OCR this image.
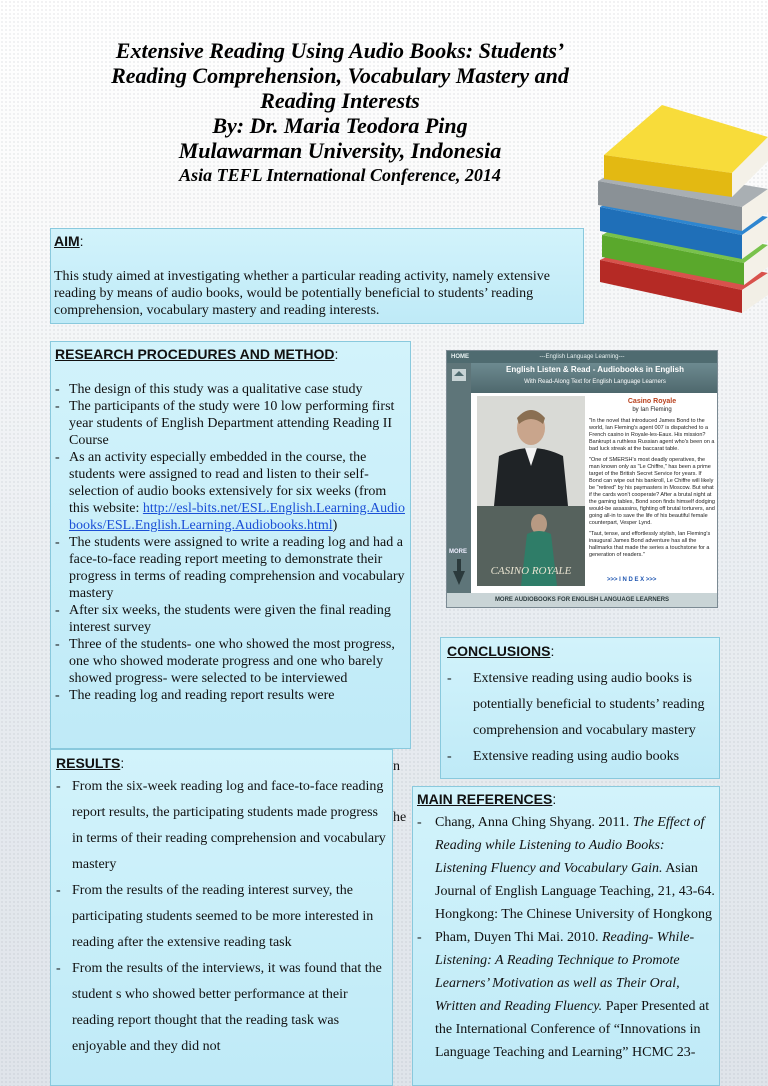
Extensive Reading Using Audio Books: Students’

Reading Comprehension, Vocabulary Mastery and

Reading Interests

By: Dr. Maria Teodora Ping

Mulawarman University, Indonesia

Asia TEFL International Conference, 2014

AIM:

This study aimed at investigating whether a particular reading activity, namely extensive reading by means of audio books, would be potentially beneficial to students’ reading comprehension, vocabulary mastery and reading interests.

RESEARCH PROCEDURES AND METHOD:
- The design of this study was a qualitative case study
- The participants of the study were 10 low performing first year students of English Department attending Reading II Course
- As an activity especially embedded in the course, the students were assigned to read and listen to their self-selection of audio books extensively for six weeks (from this website: http://esl-bits.net/ESL.English.Learning.Audiobooks/ESL.English.Learning.Audiobooks.html)
- The students were assigned to write a reading log and had a face-to-face reading report meeting to demonstrate their progress in terms of reading comprehension and vocabulary mastery
- After six weeks, the students were given the final reading interest survey
- Three of the students- one who showed the most progress, one who showed moderate progress and one who barely showed progress- were selected to be interviewed
- The reading log and reading report results were
n
he
---English Language Learning---
HOME
MORE
English Listen & Read - Audiobooks in English
With Read-Along Text for English Language Learners
CASINO ROYALE
Casino Royale
by Ian Fleming

"In the novel that introduced James Bond to the world, Ian Fleming's agent 007 is dispatched to a French casino in Royale-les-Eaux. His mission? Bankrupt a ruthless Russian agent who's been on a bad luck streak at the baccarat table.

"One of SMERSH's most deadly operatives, the man known only as "Le Chiffre," has been a prime target of the British Secret Service for years. If Bond can wipe out his bankroll, Le Chiffre will likely be "retired" by his paymasters in Moscow. But what if the cards won't cooperate? After a brutal night at the gaming tables, Bond soon finds himself dodging would-be assassins, fighting off brutal torturers, and going all-in to save the life of his beautiful female counterpart, Vesper Lynd.

"Taut, tense, and effortlessly stylish, Ian Fleming's inaugural James Bond adventure has all the hallmarks that made the series a touchstone for a generation of readers."

>>> I N D E X >>>
MORE AUDIOBOOKS FOR ENGLISH LANGUAGE LEARNERS
CONCLUSIONS:
- Extensive reading using audio books is potentially beneficial to students’ reading comprehension and vocabulary mastery
- Extensive reading using audio books
RESULTS:
- From the six-week reading log and face-to-face reading report results, the participating students made progress in terms of their reading comprehension and vocabulary mastery
- From the results of the reading interest survey, the participating students seemed to be more interested in reading after the extensive reading task
- From the results of the interviews, it was found that the student s who showed better performance at their reading report thought that the reading task was enjoyable and they did not
MAIN REFERENCES:
- Chang, Anna Ching Shyang. 2011. The Effect of Reading while Listening to Audio Books: Listening Fluency and Vocabulary Gain. Asian Journal of English Language Teaching, 21, 43-64. Hongkong: The Chinese University of Hongkong
- Pham, Duyen Thi Mai. 2010. Reading- While-Listening: A Reading Technique to Promote Learners’ Motivation as well as Their Oral, Written and Reading Fluency. Paper Presented at the International Conference of “Innovations in Language Teaching and Learning” HCMC 23-
